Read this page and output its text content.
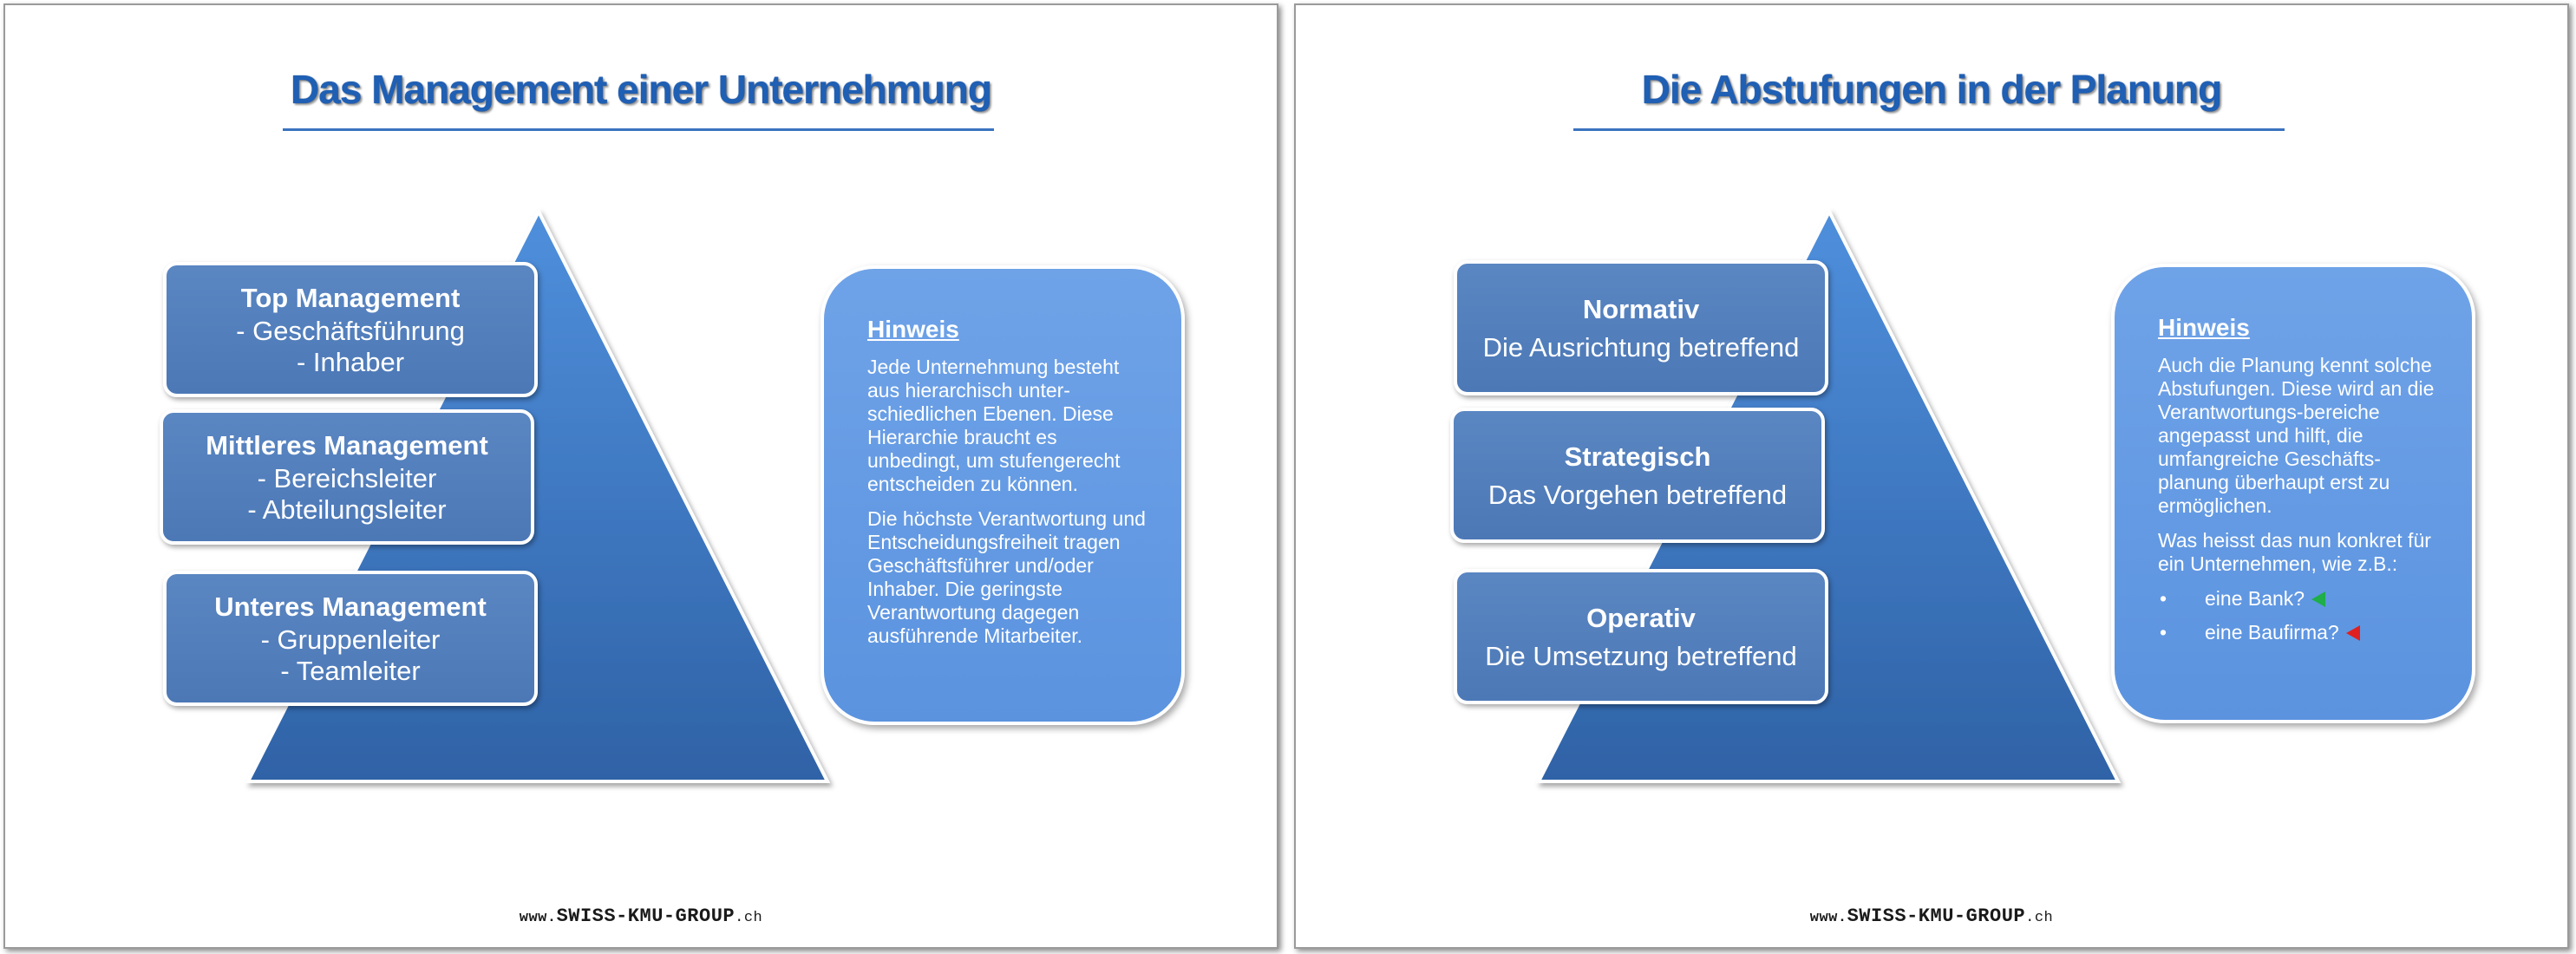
Das Management einer Unternehmung
Top Management
- Geschäftsführung
- Inhaber
Mittleres Management
- Bereichsleiter
- Abteilungsleiter
Unteres Management
- Gruppenleiter
- Teamleiter
Hinweis

Jede Unternehmung besteht aus hierarchisch unter-schiedlichen Ebenen. Diese Hierarchie braucht es unbedingt, um stufengerecht entscheiden zu können.

Die höchste Verantwortung und Entscheidungsfreiheit tragen Geschäftsführer und/oder Inhaber. Die geringste Verantwortung dagegen ausführende Mitarbeiter.

www.SWISS-KMU-GROUP.ch
Die Abstufungen in der Planung
Normativ
Die Ausrichtung betreffend
Strategisch
Das Vorgehen betreffend
Operativ
Die Umsetzung betreffend
Hinweis

Auch die Planung kennt solche Abstufungen. Diese wird an die Verantwortungs-bereiche angepasst und hilft, die umfangreiche Geschäfts-planung überhaupt erst zu ermöglichen.

Was heisst das nun konkret für ein Unternehmen, wie z.B.:

• eine Bank?
• eine Baufirma?
www.SWISS-KMU-GROUP.ch
